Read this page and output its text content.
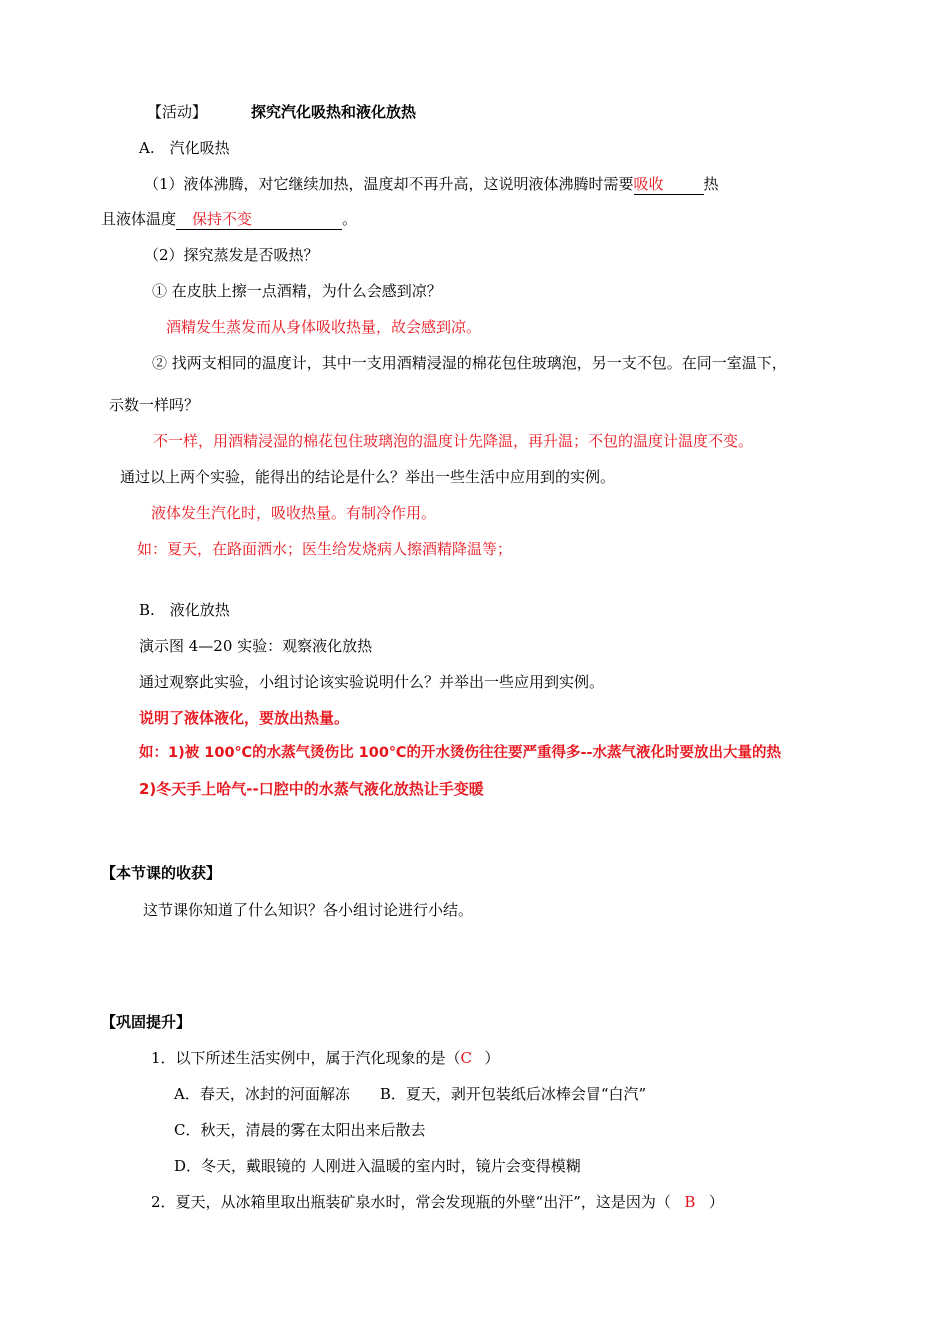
【活动】	探究汽化吸热和液化放热
A.　汽化吸热
（1）液体沸腾，对它继续加热，温度却不再升高，这说明液体沸腾时需要吸收	热
且液体温度 保持不变	。
（2）探究蒸发是否吸热？
① 在皮肤上擦一点酒精，为什么会感到凉？
酒精发生蒸发而从身体吸收热量，故会感到凉。
② 找两支相同的温度计，其中一支用酒精浸湿的棉花包住玻璃泡，另一支不包。在同一室温下，
示数一样吗？
不一样，用酒精浸湿的棉花包住玻璃泡的温度计先降温，再升温；不包的温度计温度不变。
通过以上两个实验，能得出的结论是什么？举出一些生活中应用到的实例。
液体发生汽化时，吸收热量。有制冷作用。
如：夏天，在路面洒水；医生给发烧病人擦酒精降温等；
B.　液化放热
演示图 4—20 实验：观察液化放热
通过观察此实验，小组讨论该实验说明什么？并举出一些应用到实例。
说明了液体液化，要放出热量。
如：1)被 100℃的水蒸气烫伤比 100℃的开水烫伤往往要严重得多--水蒸气液化时要放出大量的热
2)冬天手上哈气--口腔中的水蒸气液化放热让手变暖
【本节课的收获】
这节课你知道了什么知识？各小组讨论进行小结。
【巩固提升】
1．以下所述生活实例中，属于汽化现象的是（C ）
A．春天，冰封的河面解冻　　B．夏天，剥开包装纸后冰棒会冒“白汽”
C．秋天，清晨的雾在太阳出来后散去
D．冬天，戴眼镜的 人刚进入温暖的室内时，镜片会变得模糊
2．夏天，从冰箱里取出瓶装矿泉水时，常会发现瓶的外壁“出汗”，这是因为（ B ）
